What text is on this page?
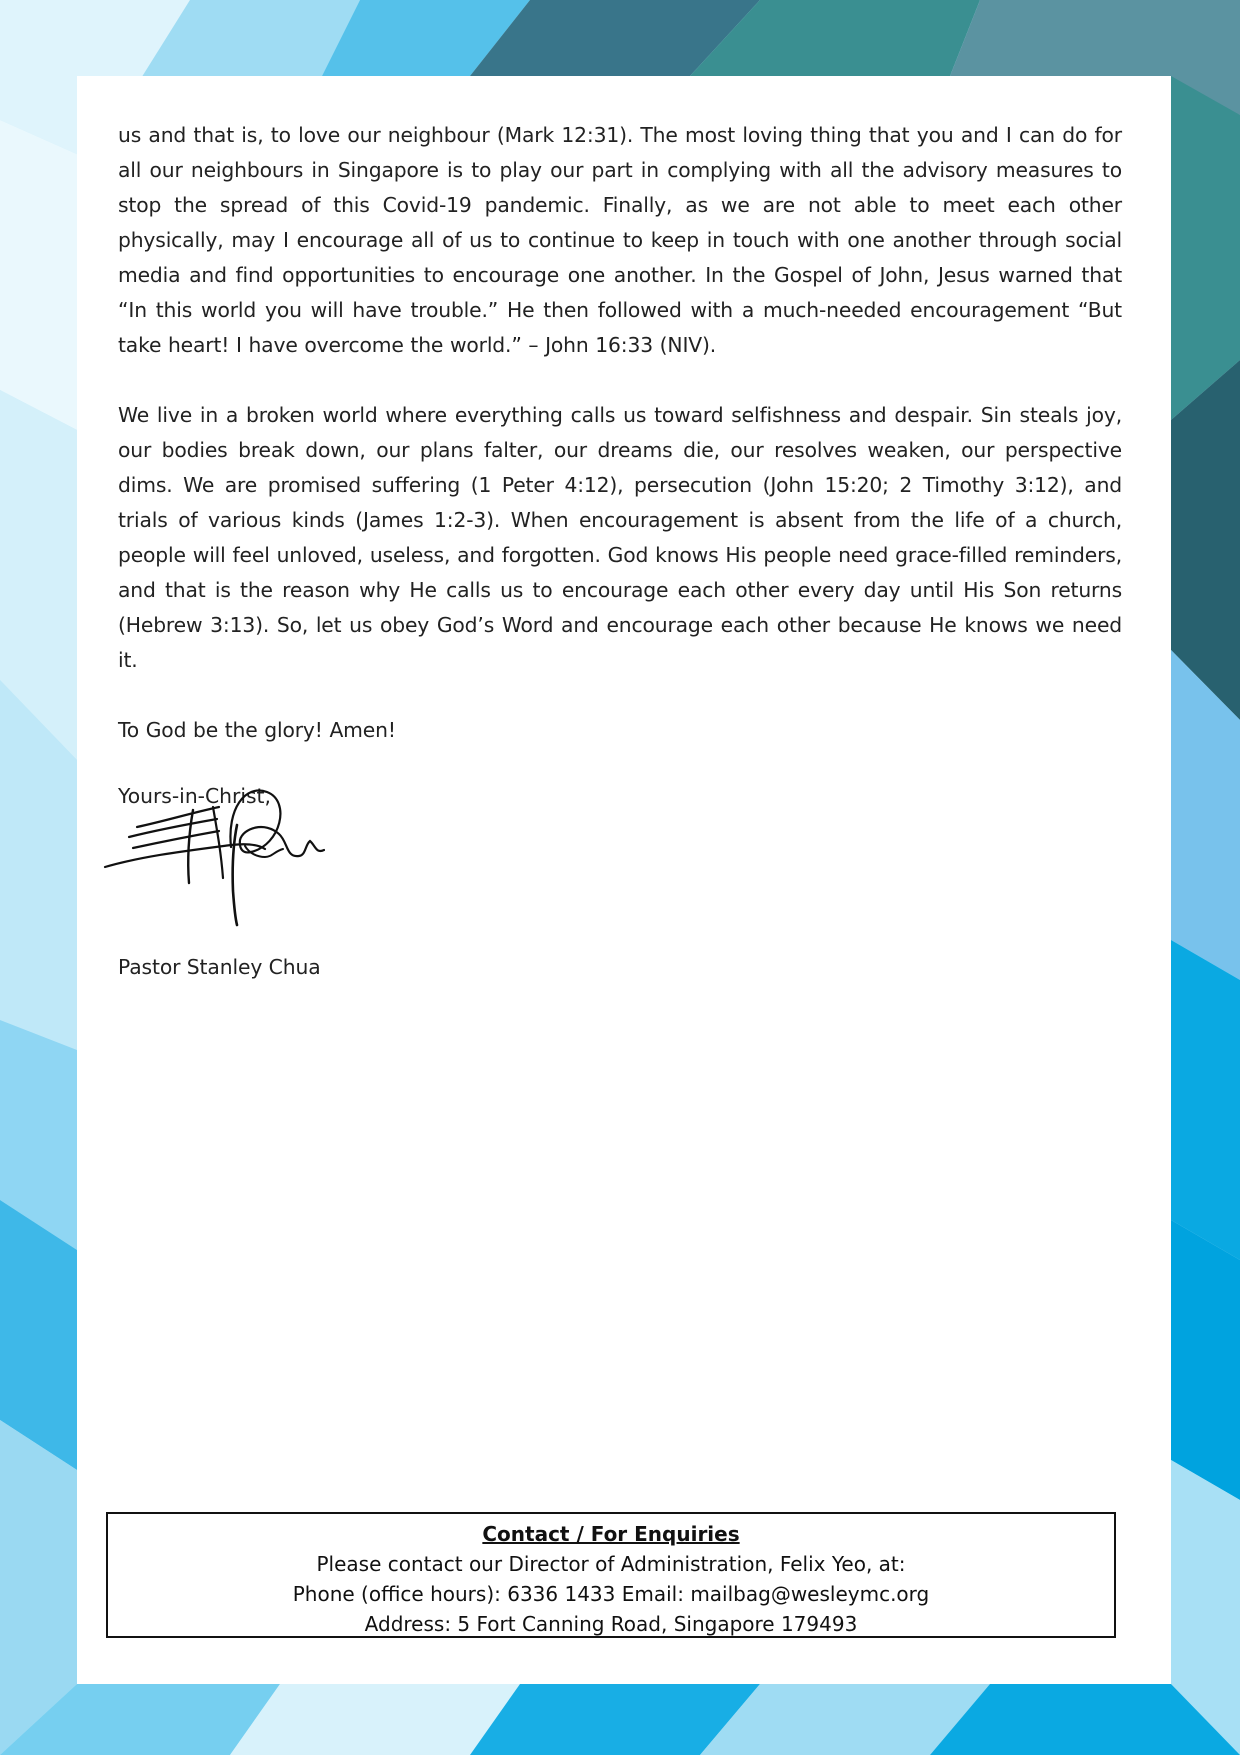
us and that is, to love our neighbour (Mark 12:31). The most loving thing that you and I can do for all our neighbours in Singapore is to play our part in complying with all the advisory measures to stop the spread of this Covid-19 pandemic. Finally, as we are not able to meet each other physically, may I encourage all of us to continue to keep in touch with one another through social media and find opportunities to encourage one another. In the Gospel of John, Jesus warned that “In this world you will have trouble.” He then followed with a much-needed encouragement “But take heart! I have overcome the world.” – John 16:33 (NIV).

We live in a broken world where everything calls us toward selfishness and despair. Sin steals joy, our bodies break down, our plans falter, our dreams die, our resolves weaken, our perspective dims. We are promised suffering (1 Peter 4:12), persecution (John 15:20; 2 Timothy 3:12), and trials of various kinds (James 1:2-3). When encouragement is absent from the life of a church, people will feel unloved, useless, and forgotten. God knows His people need grace-filled reminders, and that is the reason why He calls us to encourage each other every day until His Son returns (Hebrew 3:13). So, let us obey God’s Word and encourage each other because He knows we need it.

To God be the glory! Amen!

Yours-in-Christ,

Pastor Stanley Chua

Contact / For Enquiries
Please contact our Director of Administration, Felix Yeo, at:
Phone (office hours): 6336 1433 Email: mailbag@wesleymc.org
Address: 5 Fort Canning Road, Singapore 179493
